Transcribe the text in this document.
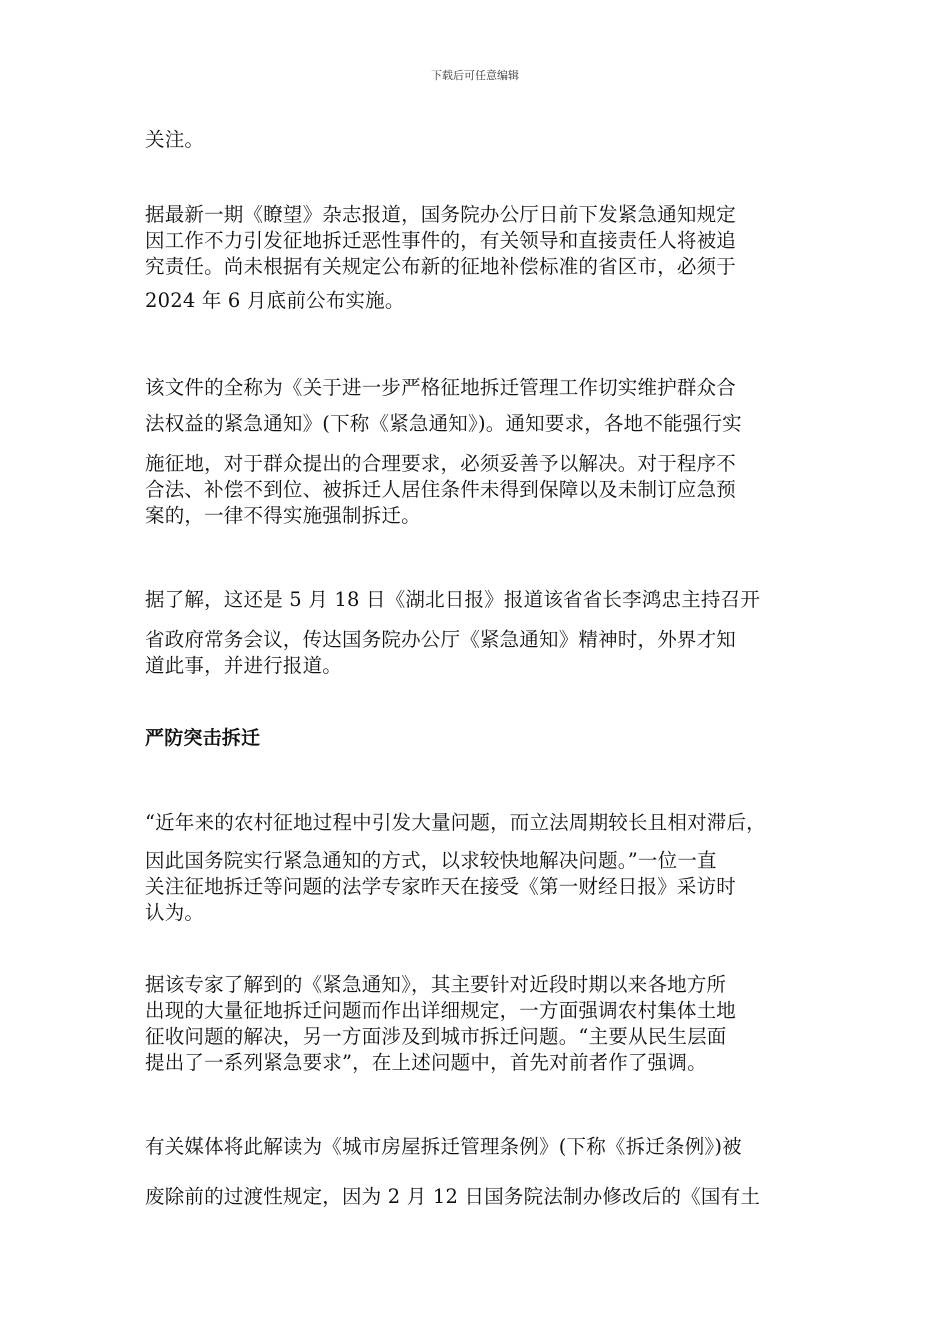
下载后可任意编辑
关注。
据最新一期《瞭望》杂志报道，国务院办公厅日前下发紧急通知规定
因工作不力引发征地拆迁恶性事件的，有关领导和直接责任人将被追
究责任。尚未根据有关规定公布新的征地补偿标准的省区市，必须于
2024 年 6 月底前公布实施。
该文件的全称为《关于进一步严格征地拆迁管理工作切实维护群众合
法权益的紧急通知》(下称《紧急通知》)。通知要求，各地不能强行实
施征地，对于群众提出的合理要求，必须妥善予以解决。对于程序不
合法、补偿不到位、被拆迁人居住条件未得到保障以及未制订应急预
案的，一律不得实施强制拆迁。
据了解，这还是 5 月 18 日《湖北日报》报道该省省长李鸿忠主持召开
省政府常务会议，传达国务院办公厅《紧急通知》精神时，外界才知
道此事，并进行报道。
严防突击拆迁
“近年来的农村征地过程中引发大量问题，而立法周期较长且相对滞后，
因此国务院实行紧急通知的方式，以求较快地解决问题。”一位一直
关注征地拆迁等问题的法学专家昨天在接受《第一财经日报》采访时
认为。
据该专家了解到的《紧急通知》，其主要针对近段时期以来各地方所
出现的大量征地拆迁问题而作出详细规定，一方面强调农村集体土地
征收问题的解决，另一方面涉及到城市拆迁问题。“主要从民生层面
提出了一系列紧急要求”，在上述问题中，首先对前者作了强调。
有关媒体将此解读为《城市房屋拆迁管理条例》(下称《拆迁条例》)被
废除前的过渡性规定，因为 2 月 12 日国务院法制办修改后的《国有土
